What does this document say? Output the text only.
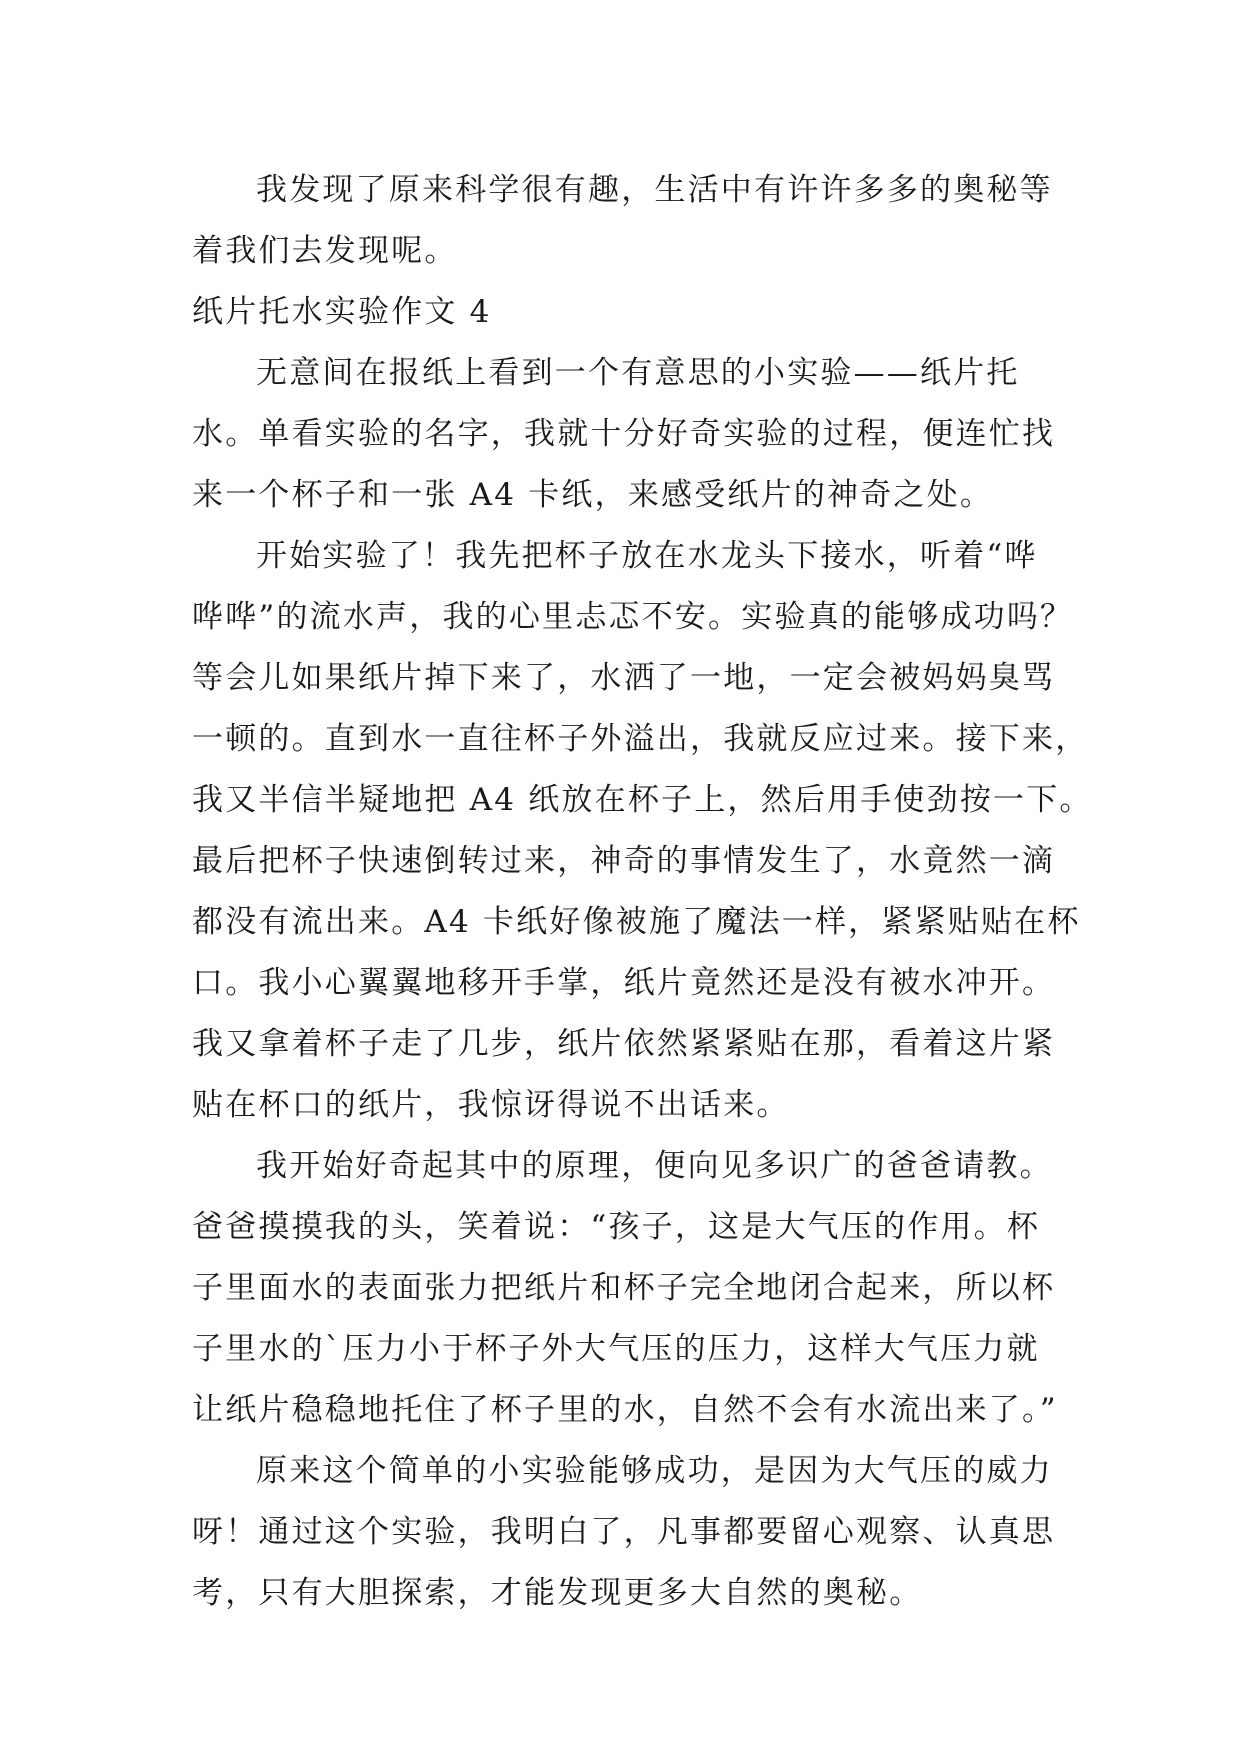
我发现了原来科学很有趣，生活中有许许多多的奥秘等
着我们去发现呢。
纸片托水实验作文 4
无意间在报纸上看到一个有意思的小实验——纸片托
水。单看实验的名字，我就十分好奇实验的过程，便连忙找
来一个杯子和一张 A4 卡纸，来感受纸片的神奇之处。
开始实验了！我先把杯子放在水龙头下接水，听着“哗
哗哗”的流水声，我的心里忐忑不安。实验真的能够成功吗？
等会儿如果纸片掉下来了，水洒了一地，一定会被妈妈臭骂
一顿的。直到水一直往杯子外溢出，我就反应过来。接下来，
我又半信半疑地把 A4 纸放在杯子上，然后用手使劲按一下。
最后把杯子快速倒转过来，神奇的事情发生了，水竟然一滴
都没有流出来。A4 卡纸好像被施了魔法一样，紧紧贴贴在杯
口。我小心翼翼地移开手掌，纸片竟然还是没有被水冲开。
我又拿着杯子走了几步，纸片依然紧紧贴在那，看着这片紧
贴在杯口的纸片，我惊讶得说不出话来。
我开始好奇起其中的原理，便向见多识广的爸爸请教。
爸爸摸摸我的头，笑着说：“孩子，这是大气压的作用。杯
子里面水的表面张力把纸片和杯子完全地闭合起来，所以杯
子里水的`压力小于杯子外大气压的压力，这样大气压力就
让纸片稳稳地托住了杯子里的水，自然不会有水流出来了。”
原来这个简单的小实验能够成功，是因为大气压的威力
呀！通过这个实验，我明白了，凡事都要留心观察、认真思
考，只有大胆探索，才能发现更多大自然的奥秘。
